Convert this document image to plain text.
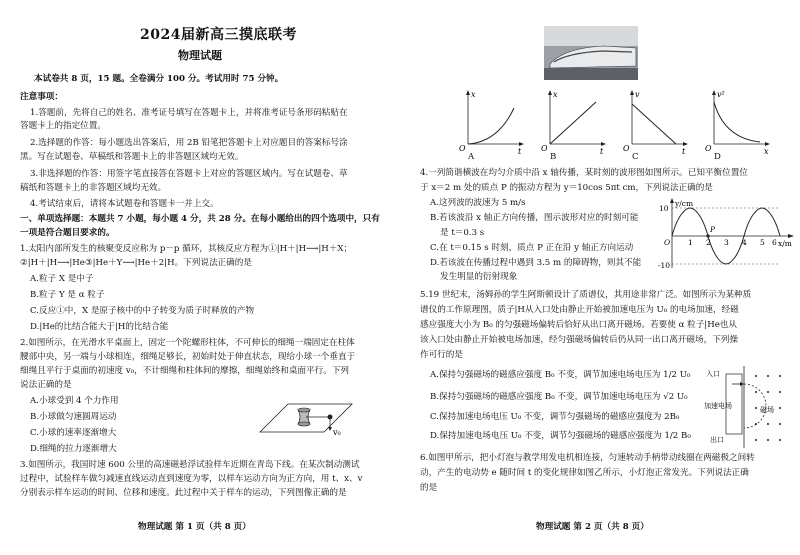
2024届新高三摸底联考
物理试题
本试卷共 8 页，15 题。全卷满分 100 分。考试用时 75 分钟。
注意事项：
1.答题前，先将自己的姓名、准考证号填写在答题卡上，并将准考证号条形码粘贴在
答题卡上的指定位置。
2.选择题的作答：每小题选出答案后，用 2B 铅笔把答题卡上对应题目的答案标号涂
黑。写在试题卷、草稿纸和答题卡上的非答题区域均无效。
3.非选择题的作答：用签字笔直接答在答题卡上对应的答题区域内。写在试题卷、草
稿纸和答题卡上的非答题区域均无效。
4.考试结束后，请将本试题卷和答题卡一并上交。
一、单项选择题：本题共 7 小题，每小题 4 分，共 28 分。在每小题给出的四个选项中，只有
一项是符合题目要求的。
1.太阳内部所发生的核聚变反应称为 p－p 循环，其核反应方程为①|H＋|H⟶|H＋X；
②|H＋|H⟶|He③|He＋Y⟶|He＋2|H。下列说法正确的是
A.粒子 X 是中子
B.粒子 Y 是 α 粒子
C.反应①中，X 是原子核中的中子转变为质子时释放的产物
D.|He的比结合能大于|H的比结合能
2.如图所示，在光滑水平桌面上，固定一个陀螺形柱体，不可伸长的细绳一端固定在柱体
腰部中央，另一端与小球相连，细绳足够长，初始时处于伸直状态，现给小球一个垂直于
细绳且平行于桌面的初速度 v₀，不计细绳和柱体间的摩擦，细绳始终和桌面平行。下列
说法正确的是
A.小球受到 4 个力作用
B.小球做匀速圆周运动
C.小球的速率逐渐增大
D.细绳的拉力逐渐增大
v₀
3.如图所示，我国时速 600 公里的高速磁悬浮试验样车近期在青岛下线。在某次制动测试
过程中，试验样车做匀减速直线运动直到速度为零，以样车运动方向为正方向，用 t、x、v
分别表示样车运动的时间、位移和速度。此过程中关于样车的运动，下列图像正确的是
物理试题 第 1 页（共 8 页）
x
t
O
x
t
O
v
t
O
v²
x
O
A	B	C	D
4.一列简谐横波在均匀介质中沿 x 轴传播，某时刻的波形图如图所示。已知平衡位置位
于 x＝2 m 处的质点 P 的振动方程为 y＝10cos 5πt cm，下列说法正确的是
A.这列波的波速为 5 m/s
B.若该波沿 x 轴正方向传播，图示波形对应的时刻可能
是 t＝0.3 s
C.在 t＝0.15 s 时刻，质点 P 正在沿 y 轴正方向运动
D.若该波在传播过程中遇到 3.5 m 的障碍物，则其不能
发生明显的衍射现象
y/cm
x/m
10
-10
O 1 2 3 4 5 6
P
5.19 世纪末，汤姆孙的学生阿斯顿设计了质谱仪，其用途非常广泛。如图所示为某种质
谱仪的工作原理图，质子|H从入口处由静止开始被加速电压为 U₀ 的电场加速，经磁
感应强度大小为 B₀ 的匀强磁场偏转后恰好从出口离开磁场。若要使 α 粒子|He也从
该入口处由静止开始被电场加速，经匀强磁场偏转后仍从同一出口离开磁场，下列操
作可行的是
A.保持匀强磁场的磁感应强度 B₀ 不变，调节加速电场电压为 1/2 U₀
B.保持匀强磁场的磁感应强度 B₀ 不变，调节加速电场电压为 √2 U₀
C.保持加速电场电压 U₀ 不变，调节匀强磁场的磁感应强度为 2B₀
D.保持加速电场电压 U₀ 不变，调节匀强磁场的磁感应强度为 1/2 B₀
入口
加速电场	磁场
出口
6.如图甲所示，把小灯泡与教学用发电机相连接，匀速转动手柄带动线圈在两磁极之间转
动，产生的电动势 e 随时间 t 的变化规律如图乙所示，小灯泡正常发光。下列说法正确
的是
物理试题 第 2 页（共 8 页）
